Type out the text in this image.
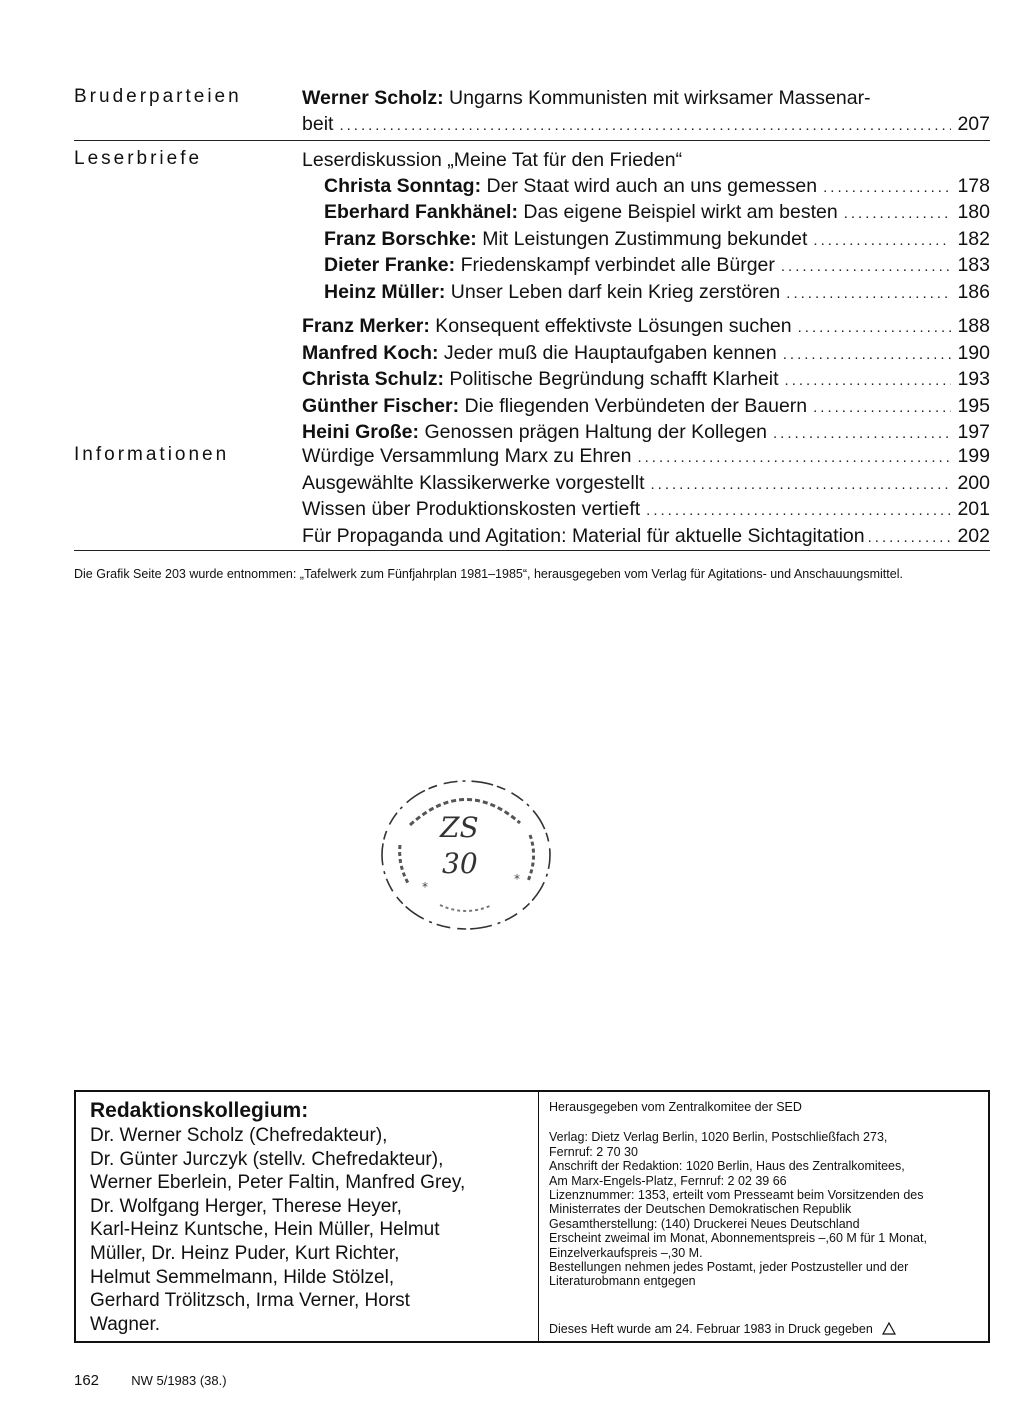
Bruderparteien	Werner Scholz:
Ungarns Kommunisten mit wirksamer Massenar-
beit .....	207
Leserbriefe	Leserdiskussion „Meine Tat für den Frieden“
Christa Sonntag:
Der Staat wird auch an uns gemessen .....	178
Eberhard Fankhänel:
Das eigene Beispiel wirkt am besten .....	180
Franz Borschke:
Mit Leistungen Zustimmung bekundet .....	182
Dieter Franke:
Friedenskampf verbindet alle Bürger .....	183
Heinz Müller:
Unser Leben darf kein Krieg zerstören .....	186
Franz Merker:
Konsequent effektivste Lösungen suchen .....	188
Manfred Koch:
Jeder muß die Hauptaufgaben kennen .....	190
Christa Schulz:
Politische Begründung schafft Klarheit .....	193
Günther Fischer:
Die fliegenden Verbündeten der Bauern .....	195
Heini Große:
Genossen prägen Haltung der Kollegen .....	197
Informationen	Würdige Versammlung Marx zu Ehren .....	199
Ausgewählte Klassikerwerke vorgestellt .....	200
Wissen über Produktionskosten vertieft .....	201
Für Propaganda und Agitation: Material für aktuelle Sichtagitation .....	202
Die Grafik Seite 203 wurde entnommen: „Tafelwerk zum Fünfjahrplan 1981–1985“, herausgegeben vom Verlag für Agitations- und Anschauungsmittel.
*
*
ZS
30
Redaktionskollegium:
Dr. Werner Scholz (Chefredakteur),
Dr. Günter Jurczyk (stellv. Chefredakteur),
Werner Eberlein, Peter Faltin, Manfred Grey,
Dr. Wolfgang Herger, Therese Heyer,
Karl-Heinz Kuntsche, Hein Müller, Helmut
Müller, Dr. Heinz Puder, Kurt Richter,
Helmut Semmelmann, Hilde Stölzel,
Gerhard Trölitzsch, Irma Verner, Horst
Wagner.
Herausgegeben vom Zentralkomitee der SED
Verlag: Dietz Verlag Berlin, 1020 Berlin, Postschließfach 273,
Fernruf: 2 70 30
Anschrift der Redaktion: 1020 Berlin, Haus des Zentralkomitees,
Am Marx-Engels-Platz, Fernruf: 2 02 39 66
Lizenznummer: 1353, erteilt vom Presseamt beim Vorsitzenden des
Ministerrates der Deutschen Demokratischen Republik
Gesamtherstellung: (140) Druckerei Neues Deutschland
Erscheint zweimal im Monat, Abonnementspreis –,60 M für 1 Monat,
Einzelverkaufspreis –,30 M.
Bestellungen nehmen jedes Postamt, jeder Postzusteller und der
Literaturobmann entgegen
Dieses Heft wurde am 24. Februar 1983 in Druck gegeben
162 NW 5/1983 (38.)
